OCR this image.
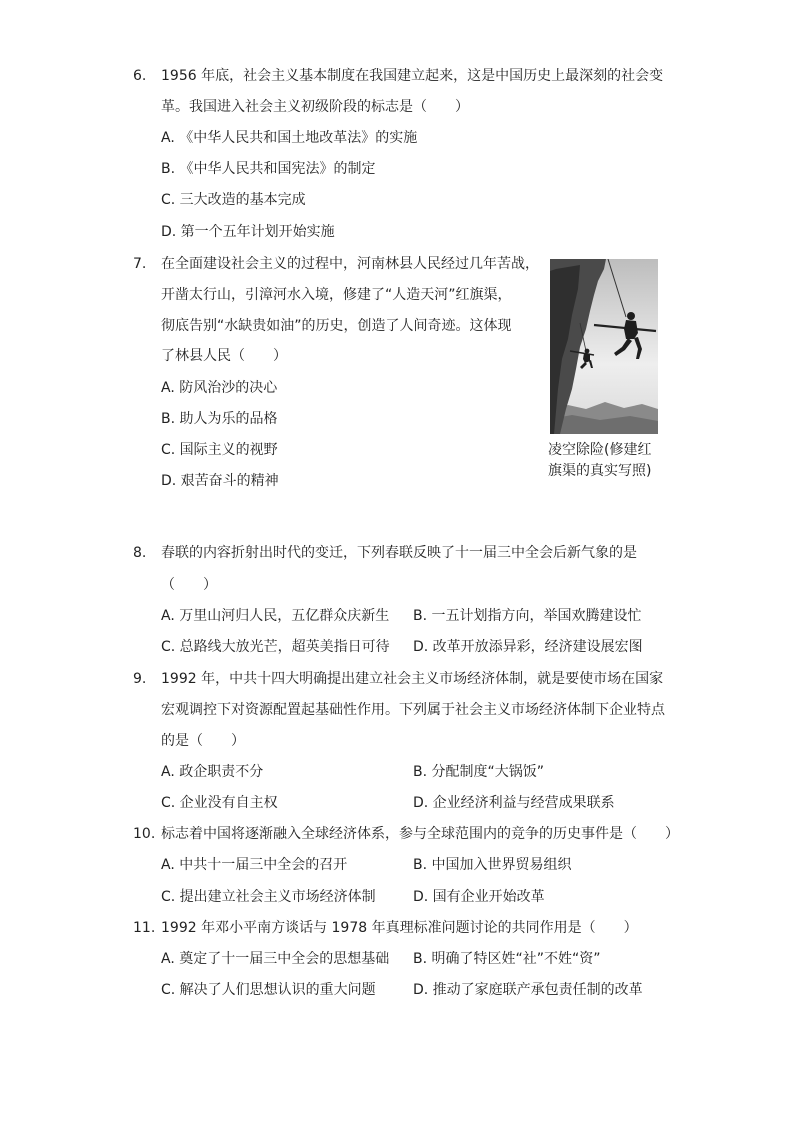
6. 1956 年底，社会主义基本制度在我国建立起来，这是中国历史上最深刻的社会变
革。我国进入社会主义初级阶段的标志是（　　）
A. 《中华人民共和国土地改革法》的实施
B. 《中华人民共和国宪法》的制定
C. 三大改造的基本完成
D. 第一个五年计划开始实施
7. 在全面建设社会主义的过程中，河南林县人民经过几年苦战，
开凿太行山，引漳河水入境，修建了“人造天河”红旗渠，
彻底告别“水缺贵如油”的历史，创造了人间奇迹。这体现
了林县人民（　　）
A. 防风治沙的决心
B. 助人为乐的品格
C. 国际主义的视野
D. 艰苦奋斗的精神
凌空除险(修建红
旗渠的真实写照)
8. 春联的内容折射出时代的变迁，下列春联反映了十一届三中全会后新气象的是
（　　）
A. 万里山河归人民，五亿群众庆新生 B. 一五计划指方向，举国欢腾建设忙
C. 总路线大放光芒，超英美指日可待 D. 改革开放添异彩，经济建设展宏图
9. 1992 年，中共十四大明确提出建立社会主义市场经济体制，就是要使市场在国家
宏观调控下对资源配置起基础性作用。下列属于社会主义市场经济体制下企业特点
的是（　　）
A. 政企职责不分	B. 分配制度“大锅饭”
C. 企业没有自主权	D. 企业经济利益与经营成果联系
10. 标志着中国将逐渐融入全球经济体系，参与全球范围内的竞争的历史事件是（　　）
A. 中共十一届三中全会的召开	B. 中国加入世界贸易组织
C. 提出建立社会主义市场经济体制	D. 国有企业开始改革
11. 1992 年邓小平南方谈话与 1978 年真理标准问题讨论的共同作用是（　　）
A. 奠定了十一届三中全会的思想基础 B. 明确了特区姓“社”不姓“资”
C. 解决了人们思想认识的重大问题	D. 推动了家庭联产承包责任制的改革
